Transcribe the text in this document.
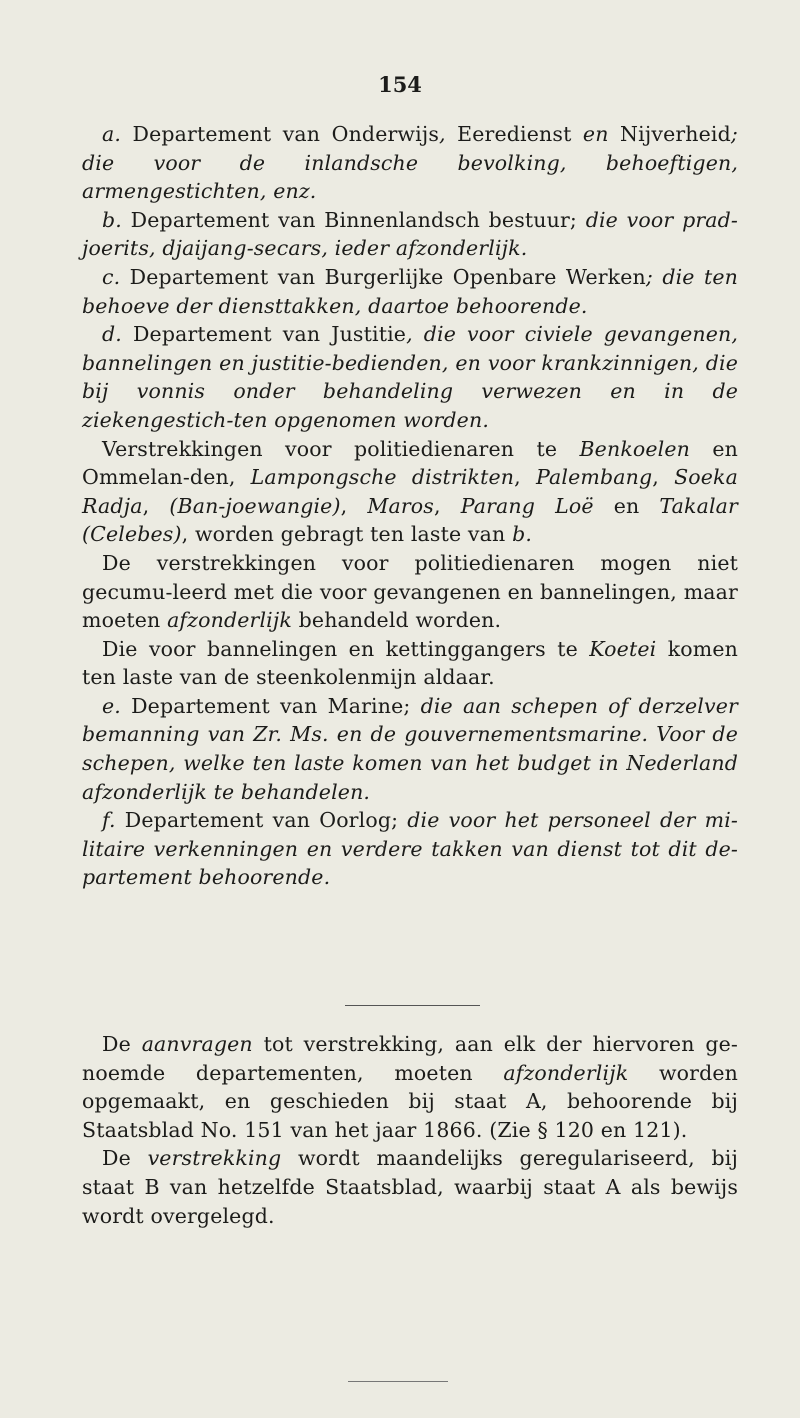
154

a. Departement van Onderwijs, Eeredienst en Nijverheid; die voor de inlandsche bevolking, behoeftigen, armengestichten, enz.

b. Departement van Binnenlandsch bestuur; die voor prad-joerits, djaijang-secars, ieder afzonderlijk.

c. Departement van Burgerlijke Openbare Werken; die ten behoeve der diensttakken, daartoe behoorende.

d. Departement van Justitie, die voor civiele gevangenen, bannelingen en justitie-bedienden, en voor krankzinnigen, die bij vonnis onder behandeling verwezen en in de ziekengestich-ten opgenomen worden.

Verstrekkingen voor politiedienaren te Benkoelen en Ommelan-den, Lampongsche distrikten, Palembang, Soeka Radja, (Ban-joewangie), Maros, Parang Loë en Takalar (Celebes), worden gebragt ten laste van b.

De verstrekkingen voor politiedienaren mogen niet gecumu-leerd met die voor gevangenen en bannelingen, maar moeten afzonderlijk behandeld worden.

Die voor bannelingen en kettinggangers te Koetei komen ten laste van de steenkolenmijn aldaar.

e. Departement van Marine; die aan schepen of derzelver bemanning van Zr. Ms. en de gouvernementsmarine. Voor de schepen, welke ten laste komen van het budget in Nederland afzonderlijk te behandelen.

f. Departement van Oorlog; die voor het personeel der mi-litaire verkenningen en verdere takken van dienst tot dit de-partement behoorende.

De aanvragen tot verstrekking, aan elk der hiervoren ge-noemde departementen, moeten afzonderlijk worden opgemaakt, en geschieden bij staat A, behoorende bij Staatsblad No. 151 van het jaar 1866. (Zie § 120 en 121).

De verstrekking wordt maandelijks geregulariseerd, bij staat B van hetzelfde Staatsblad, waarbij staat A als bewijs wordt overgelegd.
